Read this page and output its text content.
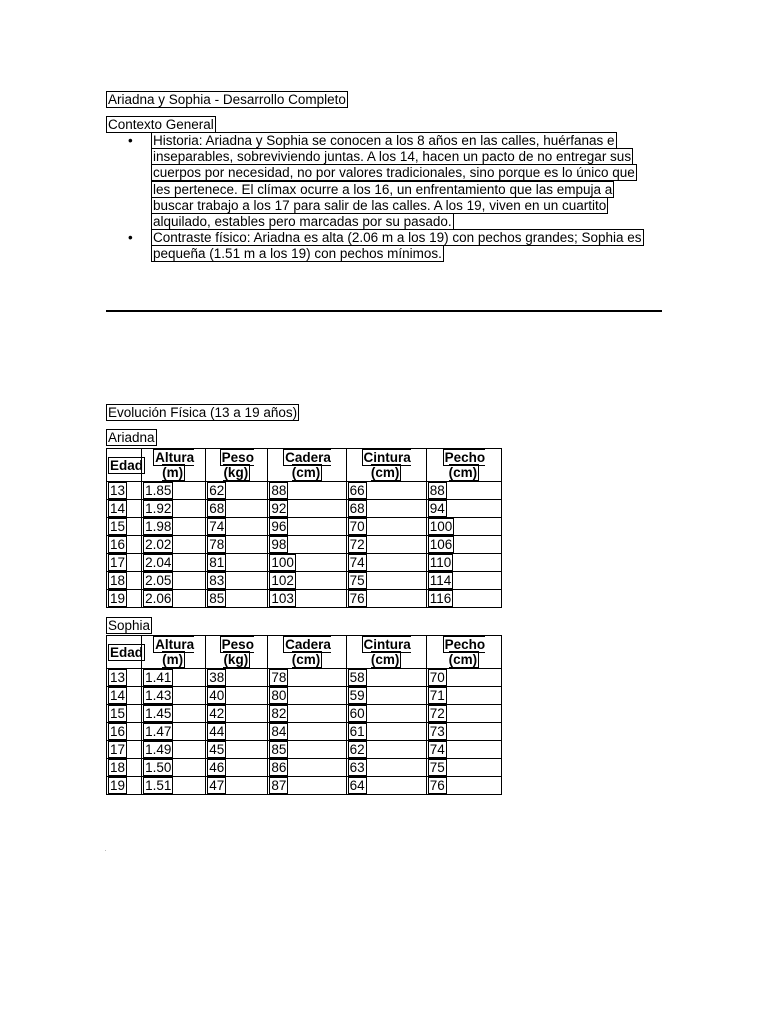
Ariadna y Sophia - Desarrollo Completo
Contexto General
• Historia: Ariadna y Sophia se conocen a los 8 años en las calles, huérfanas e inseparables, sobreviviendo juntas. A los 14, hacen un pacto de no entregar sus cuerpos por necesidad, no por valores tradicionales, sino porque es lo único que les pertenece. El clímax ocurre a los 16, un enfrentamiento que las empuja a buscar trabajo a los 17 para salir de las calles. A los 19, viven en un cuartito alquilado, estables pero marcadas por su pasado.
• Contraste físico: Ariadna es alta (2.06 m a los 19) con pechos grandes; Sophia es pequeña (1.51 m a los 19) con pechos mínimos.
Evolución Física (13 a 19 años)
Ariadna
Edad	Altura (m)	Peso (kg)	Cadera (cm)	Cintura (cm)	Pecho (cm)
13	1.85	62	88	66	88
14	1.92	68	92	68	94
15	1.98	74	96	70	100
16	2.02	78	98	72	106
17	2.04	81	100	74	110
18	2.05	83	102	75	114
19	2.06	85	103	76	116
Sophia
Edad	Altura (m)	Peso (kg)	Cadera (cm)	Cintura (cm)	Pecho (cm)
13	1.41	38	78	58	70
14	1.43	40	80	59	71
15	1.45	42	82	60	72
16	1.47	44	84	61	73
17	1.49	45	85	62	74
18	1.50	46	86	63	75
19	1.51	47	87	64	76
